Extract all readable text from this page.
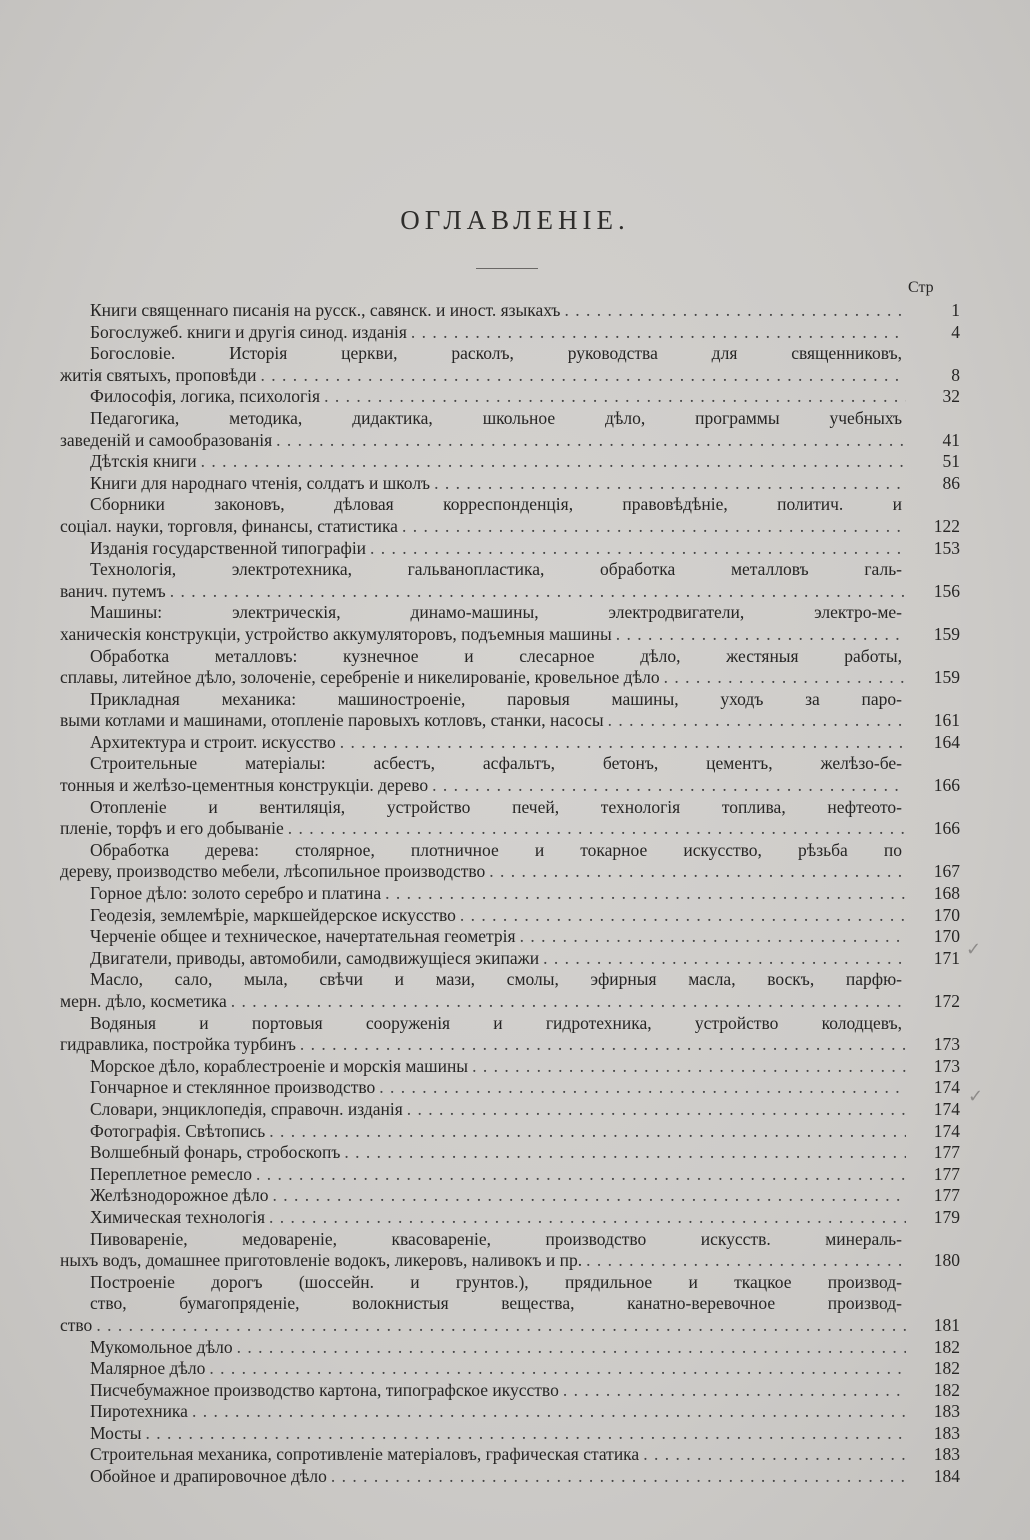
ОГЛАВЛЕНІЕ.
Стр
Книги священнаго писанія на русск., савянск. и иност. языкахъ . . .	1
Богослужеб. книги и другія синод. изданія . . .	4
Богословіе. Исторія церкви, расколъ, руководства для священниковъ,
житія святыхъ, проповѣди . . .	8
Философія, логика, психологія . . .	32
Педагогика, методика, дидактика, школьное дѣло, программы учебныхъ
заведеній и самообразованія . . .	41
Дѣтскія книги . . .	51
Книги для народнаго чтенія, солдатъ и школъ . . .	86
Сборники законовъ, дѣловая корреспонденція, правовѣдѣніе, политич. и
соціал. науки, торговля, финансы, статистика . . .	122
Изданія государственной типографіи . . .	153
Технологія, электротехника, гальванопластика, обработка металловъ галь-
ванич. путемъ . . .	156
Машины: электрическія, динамо-машины, электродвигатели, электро-ме-
ханическія конструкціи, устройство аккумуляторовъ, подъемныя машины . . .	159
Обработка металловъ: кузнечное и слесарное дѣло, жестяныя работы,
сплавы, литейное дѣло, золоченіе, серебреніе и никелированіе, кровельное дѣло . . .	159
Прикладная механика: машиностроеніе, паровыя машины, уходъ за паро-
выми котлами и машинами, отопленіе паровыхъ котловъ, станки, насосы . . .	161
Архитектура и строит. искусство . . .	164
Строительные матеріалы: асбестъ, асфальтъ, бетонъ, цементъ, желѣзо-бе-
тонныя и желѣзо-цементныя конструкціи. дерево . . .	166
Отопленіе и вентиляція, устройство печей, технологія топлива, нефтеото-
пленіе, торфъ и его добываніе . . .	166
Обработка дерева: столярное, плотничное и токарное искусство, рѣзьба по
дереву, производство мебели, лѣсопильное производство . . .	167
Горное дѣло: золото серебро и платина . . .	168
Геодезія, землемѣріе, маркшейдерское искусство . . .	170
Черченіе общее и техническое, начертательная геометрія . . .	170
Двигатели, приводы, автомобили, самодвижущіеся экипажи . . .	171
Масло, сало, мыла, свѣчи и мази, смолы, эфирныя масла, воскъ, парфю-
мерн. дѣло, косметика . . .	172
Водяныя и портовыя сооруженія и гидротехника, устройство колодцевъ,
гидравлика, постройка турбинъ . . .	173
Морское дѣло, кораблестроеніе и морскія машины . . .	173
Гончарное и стеклянное производство . . .	174
Словари, энциклопедія, справочн. изданія . . .	174
Фотографія. Свѣтопись . . .	174
Волшебный фонарь, стробоскопъ . . .	177
Переплетное ремесло . . .	177
Желѣзнодорожное дѣло . . .	177
Химическая технологія . . .	179
Пивовареніе, медовареніе, квасовареніе, производство искусств. минераль-
ныхъ водъ, домашнее приготовленіе водокъ, ликеровъ, наливокъ и пр. . . .	180
Построеніе дорогъ (шоссейн. и грунтов.), прядильное и ткацкое производ-
ство, бумагопряденіе, волокнистыя вещества, канатно-веревочное производ-
ство . . .	181
Мукомольное дѣло . . .	182
Малярное дѣло . . .	182
Писчебумажное производство картона, типографское икусство . . .	182
Пиротехника . . .	183
Мосты . . .	183
Строительная механика, сопротивленіе матеріаловъ, графическая статика . . .	183
Обойное и драпировочное дѣло . . .	184
✓
✓
